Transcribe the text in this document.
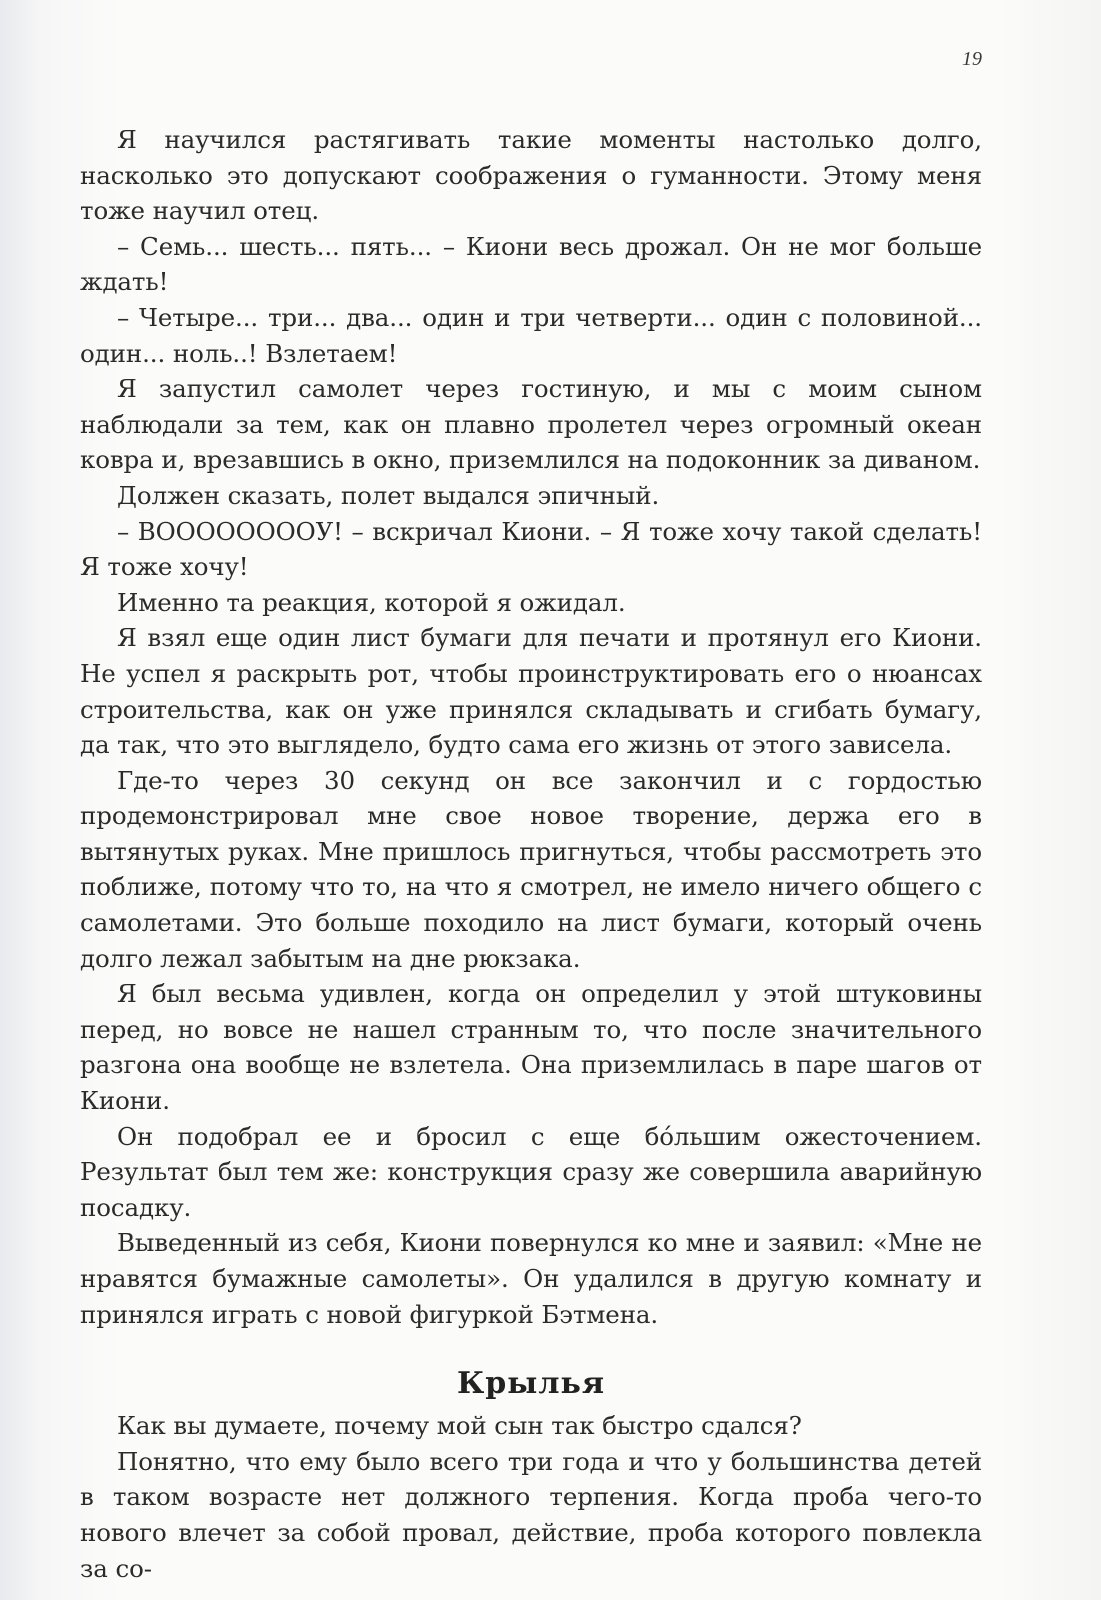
19

Я научился растягивать такие моменты настолько долго, насколько это допускают соображения о гуманности. Этому меня тоже научил отец.

– Семь... шесть... пять... – Киони весь дрожал. Он не мог больше ждать!

– Четыре... три... два... один и три четверти... один с половиной... один... ноль..! Взлетаем!

Я запустил самолет через гостиную, и мы с моим сыном наблюдали за тем, как он плавно пролетел через огромный океан ковра и, врезавшись в окно, приземлился на подоконник за диваном.

Должен сказать, полет выдался эпичный.

– ВООООООООУ! – вскричал Киони. – Я тоже хочу такой сделать! Я тоже хочу!

Именно та реакция, которой я ожидал.

Я взял еще один лист бумаги для печати и протянул его Киони. Не успел я раскрыть рот, чтобы проинструктировать его о нюансах строительства, как он уже принялся складывать и сгибать бумагу, да так, что это выглядело, будто сама его жизнь от этого зависела.

Где-то через 30 секунд он все закончил и с гордостью продемонстрировал мне свое новое творение, держа его в вытянутых руках. Мне пришлось пригнуться, чтобы рассмотреть это поближе, потому что то, на что я смотрел, не имело ничего общего с самолетами. Это больше походило на лист бумаги, который очень долго лежал забытым на дне рюкзака.

Я был весьма удивлен, когда он определил у этой штуковины перед, но вовсе не нашел странным то, что после значительного разгона она вообще не взлетела. Она приземлилась в паре шагов от Киони.

Он подобрал ее и бросил с еще бо́льшим ожесточением. Результат был тем же: конструкция сразу же совершила аварийную посадку.

Выведенный из себя, Киони повернулся ко мне и заявил: «Мне не нравятся бумажные самолеты». Он удалился в другую комнату и принялся играть с новой фигуркой Бэтмена.

Крылья

Как вы думаете, почему мой сын так быстро сдался?

Понятно, что ему было всего три года и что у большинства детей в таком возрасте нет должного терпения. Когда проба чего-то нового влечет за собой провал, действие, проба которого повлекла за со-
